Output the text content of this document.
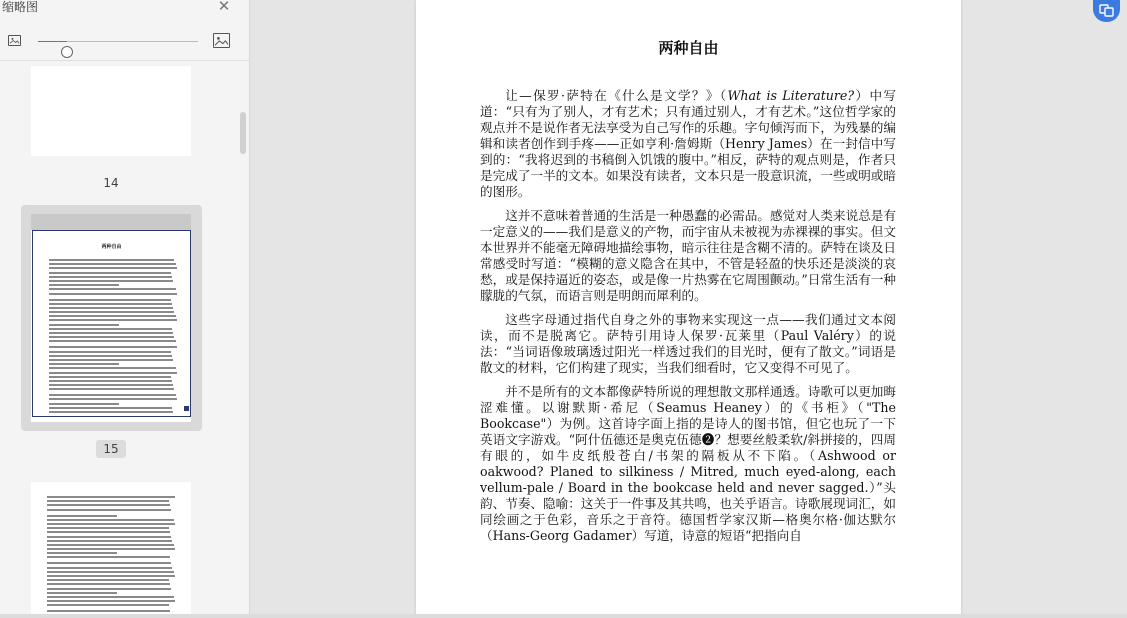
缩略图	✕
14
两种自由
15
两种自由

让—保罗·萨特在《什么是文学？》（What is Literature?）中写道：“只有为了别人，才有艺术；只有通过别人，才有艺术。”这位哲学家的观点并不是说作者无法享受为自己写作的乐趣。字句倾泻而下，为残暴的编辑和读者创作到手疼——正如亨利·詹姆斯（Henry James）在一封信中写到的：“我将迟到的书稿倒入饥饿的腹中。”相反，萨特的观点则是，作者只是完成了一半的文本。如果没有读者，文本只是一股意识流，一些或明或暗的图形。

这并不意味着普通的生活是一种愚蠢的必需品。感觉对人类来说总是有一定意义的——我们是意义的产物，而宇宙从未被视为赤裸裸的事实。但文本世界并不能毫无障碍地描绘事物，暗示往往是含糊不清的。萨特在谈及日常感受时写道：“模糊的意义隐含在其中，不管是轻盈的快乐还是淡淡的哀愁，或是保持逼近的姿态，或是像一片热雾在它周围颤动。”日常生活有一种朦胧的气氛，而语言则是明朗而犀利的。

这些字母通过指代自身之外的事物来实现这一点——我们通过文本阅读，而不是脱离它。萨特引用诗人保罗·瓦莱里（Paul Valéry）的说法：“当词语像玻璃透过阳光一样透过我们的目光时，便有了散文。”词语是散文的材料，它们构建了现实，当我们细看时，它又变得不可见了。

并不是所有的文本都像萨特所说的理想散文那样通透。诗歌可以更加晦涩难懂。以谢默斯·希尼（Seamus Heaney）的《书柜》（"The Bookcase"）为例。这首诗字面上指的是诗人的图书馆，但它也玩了一下英语文字游戏。“阿什伍德还是奥克伍德❷？想要丝般柔软/斜拼接的，四周有眼的，如牛皮纸般苍白/书架的隔板从不下陷。（Ashwood or oakwood? Planed to silkiness / Mitred, much eyed-along, each vellum-pale / Board in the bookcase held and never sagged.）”头韵、节奏、隐喻：这关于一件事及其共鸣，也关乎语言。诗歌展现词汇，如同绘画之于色彩，音乐之于音符。德国哲学家汉斯—格奥尔格·伽达默尔（Hans-Georg Gadamer）写道，诗意的短语“把指向自
